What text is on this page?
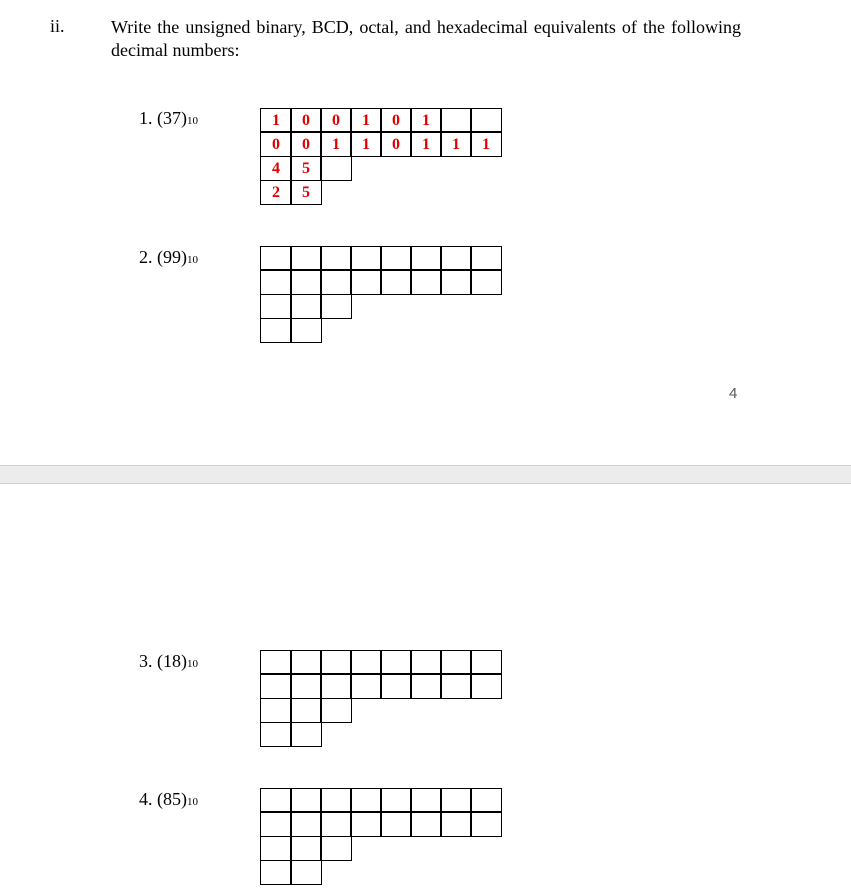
ii.	Write the unsigned binary, BCD, octal, and hexadecimal equivalents of the following decimal numbers:
1. (37)10	1	0	0	1	0	1
0	0	1	1	0	1	1	1
4	5
2	5
2. (99)10
4
3. (18)10
4. (85)10
